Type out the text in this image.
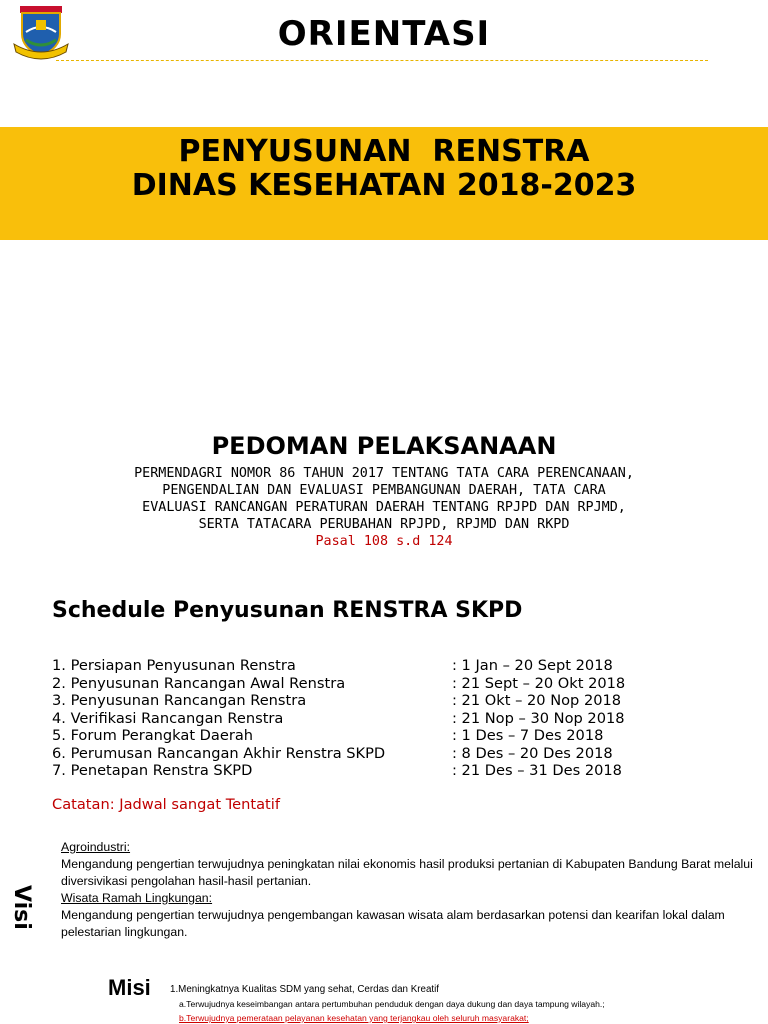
ORIENTASI
PENYUSUNAN  RENSTRA
DINAS KESEHATAN 2018-2023
PEDOMAN PELAKSANAAN
PERMENDAGRI NOMOR 86 TAHUN 2017 TENTANG TATA CARA PERENCANAAN,
PENGENDALIAN DAN EVALUASI PEMBANGUNAN DAERAH, TATA CARA
EVALUASI RANCANGAN PERATURAN DAERAH TENTANG RPJPD DAN RPJMD,
SERTA TATACARA PERUBAHAN RPJPD, RPJMD DAN RKPD
Pasal 108 s.d 124
Schedule Penyusunan RENSTRA SKPD
1. Persiapan Penyusunan Renstra	: 1 Jan – 20 Sept 2018
2. Penyusunan Rancangan Awal Renstra	: 21 Sept – 20 Okt 2018
3. Penyusunan Rancangan Renstra	: 21 Okt – 20 Nop 2018
4. Verifikasi Rancangan Renstra	: 21 Nop – 30 Nop 2018
5. Forum Perangkat Daerah	: 1 Des – 7 Des 2018
6. Perumusan Rancangan Akhir Renstra SKPD	: 8 Des – 20 Des 2018
7. Penetapan Renstra SKPD	: 21 Des – 31 Des 2018
Catatan: Jadwal sangat Tentatif
Visi
Agroindustri:
Mengandung pengertian terwujudnya peningkatan nilai ekonomis hasil produksi pertanian di Kabupaten Bandung Barat melalui diversivikasi pengolahan hasil-hasil pertanian.
Wisata Ramah Lingkungan:
Mengandung pengertian terwujudnya pengembangan kawasan wisata alam berdasarkan potensi dan kearifan lokal dalam pelestarian lingkungan.
Misi 1.Meningkatnya Kualitas SDM yang sehat, Cerdas dan Kreatif
a.Terwujudnya keseimbangan antara pertumbuhan penduduk dengan daya dukung dan daya tampung wilayah.;
b.Terwujudnya pemerataan pelayanan kesehatan yang terjangkau oleh seluruh masyarakat;
